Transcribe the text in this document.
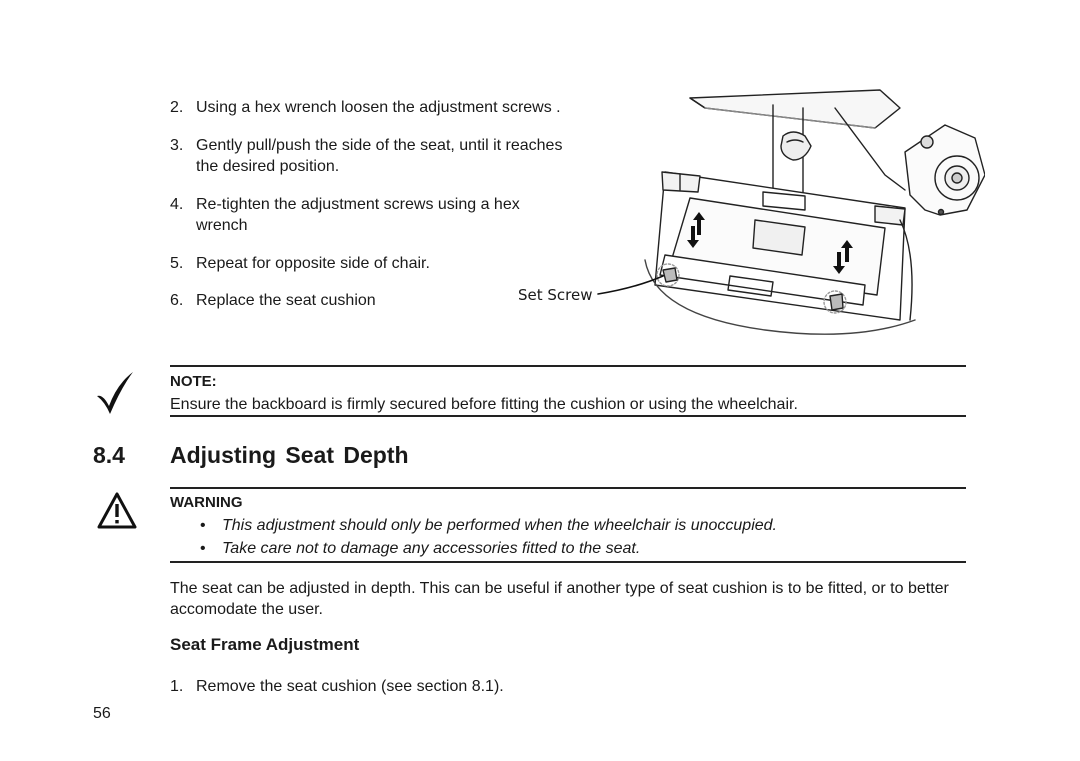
2. Using a hex wrench loosen the adjustment screws .
3. Gently pull/push the side of the seat, until it reaches the desired position.
4. Re-tighten the adjustment screws using a hex wrench
5. Repeat for opposite side of chair.
6. Replace the seat cushion	Set Screw
NOTE:
Ensure the backboard is firmly secured before fitting the cushion or using the wheelchair.
8.4 Adjusting Seat Depth
WARNING
•	This adjustment should only be performed when the wheelchair is unoccupied.
•	Take care not to damage any accessories fitted to the seat.
The seat can be adjusted in depth. This can be useful if another type of seat cushion is to be fitted, or to better accomodate the user.
Seat Frame Adjustment
1. Remove the seat cushion (see section 8.1).
56
